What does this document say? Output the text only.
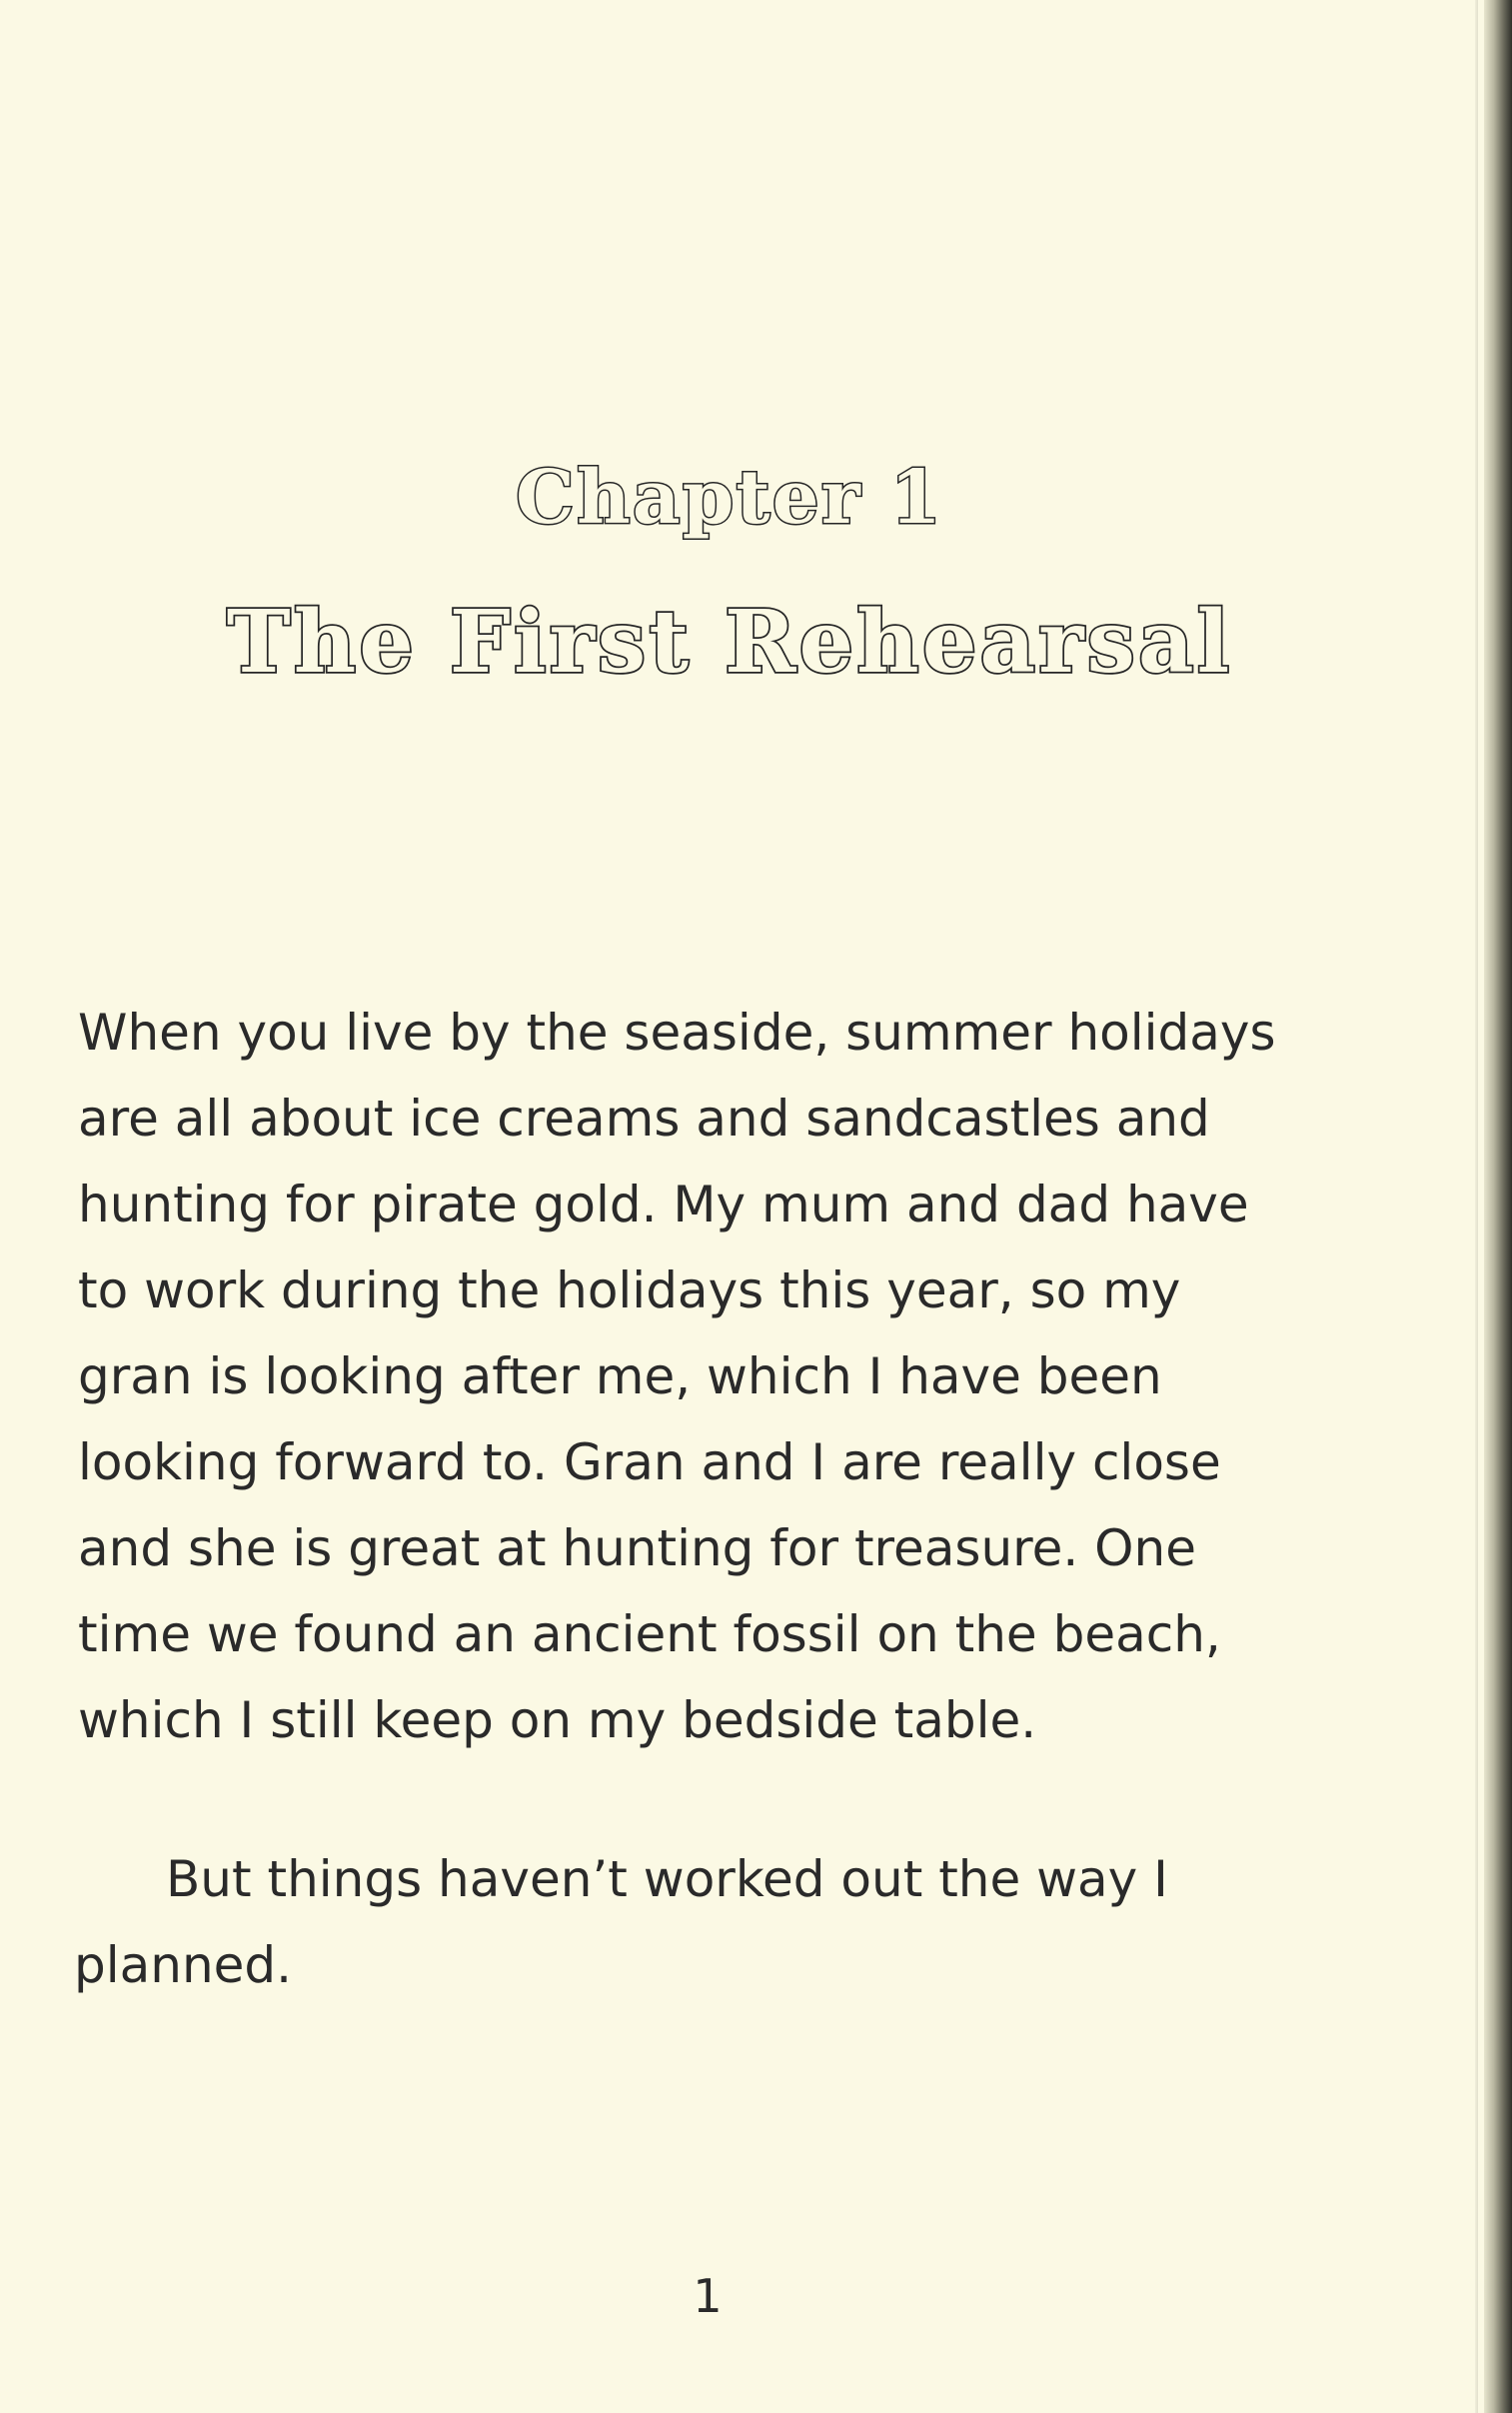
Chapter 1
The First Rehearsal
When you live by the seaside, summer holidays
are all about ice creams and sandcastles and
hunting for pirate gold. My mum and dad have
to work during the holidays this year, so my
gran is looking after me, which I have been
looking forward to. Gran and I are really close
and she is great at hunting for treasure. One
time we found an ancient fossil on the beach,
which I still keep on my bedside table.
But things haven’t worked out the way I
planned.
1
